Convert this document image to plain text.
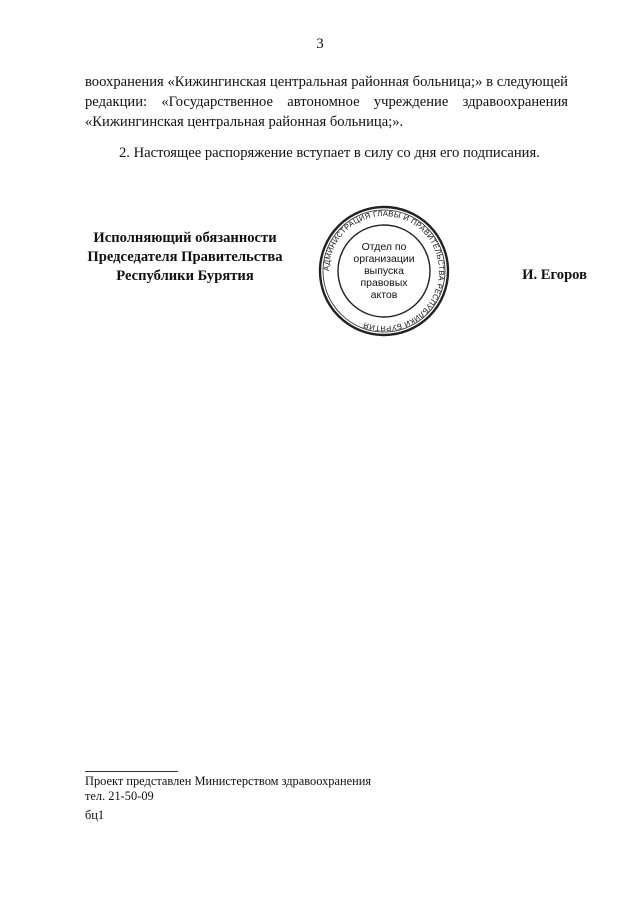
3
воохранения «Кижингинская центральная районная больница;» в следующей редакции: «Государственное автономное учреждение здравоохранения «Кижингинская центральная районная больница;».
2. Настоящее распоряжение вступает в силу со дня его подписания.
Исполняющий обязанности
Председателя Правительства
Республики Бурятия	И. Егоров
АДМИНИСТРАЦИЯ ГЛАВЫ И ПРАВИТЕЛЬСТВА РЕСПУБЛИКИ БУРЯТИЯ
Отдел по
организации
выпуска
правовых
актов
Проект представлен Министерством здравоохранения
тел. 21-50-09
бц1
